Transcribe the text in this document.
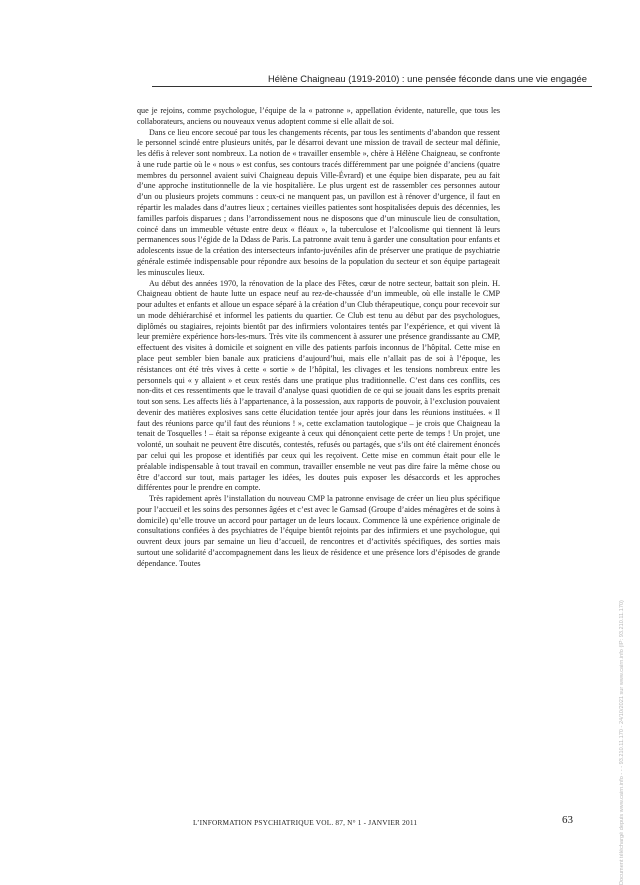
Hélène Chaigneau (1919-2010) : une pensée féconde dans une vie engagée

que je rejoins, comme psychologue, l’équipe de la « patronne », appellation évidente, naturelle, que tous les collaborateurs, anciens ou nouveaux venus adoptent comme si elle allait de soi.

Dans ce lieu encore secoué par tous les changements récents, par tous les sentiments d’abandon que ressent le personnel scindé entre plusieurs unités, par le désarroi devant une mission de travail de secteur mal définie, les défis à relever sont nombreux. La notion de « travailler ensemble », chère à Hélène Chaigneau, se confronte à une rude partie où le « nous » est confus, ses contours tracés différemment par une poignée d’anciens (quatre membres du personnel avaient suivi Chaigneau depuis Ville-Évrard) et une équipe bien disparate, peu au fait d’une approche institutionnelle de la vie hospitalière. Le plus urgent est de rassembler ces personnes autour d’un ou plusieurs projets communs : ceux-ci ne manquent pas, un pavillon est à rénover d’urgence, il faut en répartir les malades dans d’autres lieux ; certaines vieilles patientes sont hospitalisées depuis des décennies, les familles parfois disparues ; dans l’arrondissement nous ne disposons que d’un minuscule lieu de consultation, coincé dans un immeuble vétuste entre deux « fléaux », la tuberculose et l’alcoolisme qui tiennent là leurs permanences sous l’égide de la Ddass de Paris. La patronne avait tenu à garder une consultation pour enfants et adolescents issue de la création des intersecteurs infanto-juvéniles afin de préserver une pratique de psychiatrie générale estimée indispensable pour répondre aux besoins de la population du secteur et son équipe partageait les minuscules lieux.

Au début des années 1970, la rénovation de la place des Fêtes, cœur de notre secteur, battait son plein. H. Chaigneau obtient de haute lutte un espace neuf au rez-de-chaussée d’un immeuble, où elle installe le CMP pour adultes et enfants et alloue un espace séparé à la création d’un Club thérapeutique, conçu pour recevoir sur un mode déhiérarchisé et informel les patients du quartier. Ce Club est tenu au début par des psychologues, diplômés ou stagiaires, rejoints bientôt par des infirmiers volontaires tentés par l’expérience, et qui vivent là leur première expérience hors-les-murs. Très vite ils commencent à assurer une présence grandissante au CMP, effectuent des visites à domicile et soignent en ville des patients parfois inconnus de l’hôpital. Cette mise en place peut sembler bien banale aux praticiens d’aujourd’hui, mais elle n’allait pas de soi à l’époque, les résistances ont été très vives à cette « sortie » de l’hôpital, les clivages et les tensions nombreux entre les personnels qui « y allaient » et ceux restés dans une pratique plus traditionnelle. C’est dans ces conflits, ces non-dits et ces ressentiments que le travail d’analyse quasi quotidien de ce qui se jouait dans les esprits prenait tout son sens. Les affects liés à l’appartenance, à la possession, aux rapports de pouvoir, à l’exclusion pouvaient devenir des matières explosives sans cette élucidation tentée jour après jour dans les réunions instituées. « Il faut des réunions parce qu’il faut des réunions ! », cette exclamation tautologique – je crois que Chaigneau la tenait de Tosquelles ! – était sa réponse exigeante à ceux qui dénonçaient cette perte de temps ! Un projet, une volonté, un souhait ne peuvent être discutés, contestés, refusés ou partagés, que s’ils ont été clairement énoncés par celui qui les propose et identifiés par ceux qui les reçoivent. Cette mise en commun était pour elle le préalable indispensable à tout travail en commun, travailler ensemble ne veut pas dire faire la même chose ou être d’accord sur tout, mais partager les idées, les doutes puis exposer les désaccords et les approches différentes pour le prendre en compte.

Très rapidement après l’installation du nouveau CMP la patronne envisage de créer un lieu plus spécifique pour l’accueil et les soins des personnes âgées et c’est avec le Gamsad (Groupe d’aides ménagères et de soins à domicile) qu’elle trouve un accord pour partager un de leurs locaux. Commence là une expérience originale de consultations confiées à des psychiatres de l’équipe bientôt rejoints par des infirmiers et une psychologue, qui ouvrent deux jours par semaine un lieu d’accueil, de rencontres et d’activités spécifiques, des sorties mais surtout une solidarité d’accompagnement dans les lieux de résidence et une présence lors d’épisodes de grande dépendance. Toutes

L’INFORMATION PSYCHIATRIQUE VOL. 87, N° 1 - JANVIER 2011	63	Document téléchargé depuis www.cairn.info - - - 93.210.11.170 - 24/10/2021 sur www.cairn.info (IP: 93.210.11.170)
